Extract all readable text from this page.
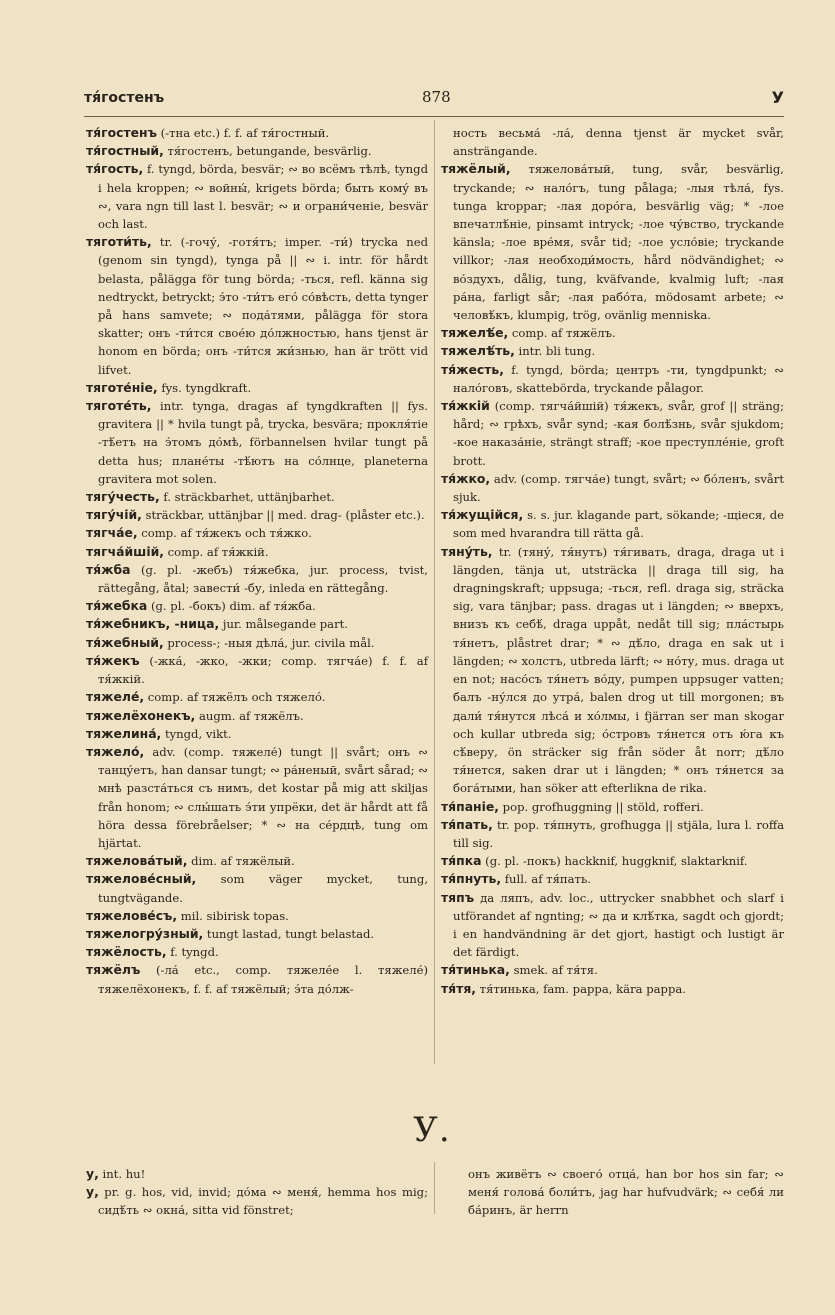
тя́гостенъ	878	У

тя́гостенъ (-тна etc.) f. f. af тя́гостный.

тя́гостный, тя́гостенъ, betungande, besvärlig.

тя́гость, f. tyngd, börda, besvär; ∾ во всёмъ тѣлѣ, tyngd i hela kroppen; ∾ войны́, krigets börda; быть кому́ въ ∾, vara ngn till last l. besvär; ∾ и ограни́ченіе, besvär och last.

тяготи́ть, tr. (-гочу́, -готя́тъ; imper. -ти́) trycka ned (genom sin tyngd), tynga på || ∾ i. intr. för hårdt belasta, pålägga för tung börda; -ться, refl. känna sig nedtryckt, betryckt; э́то -ти́тъ его́ со́вѣсть, detta tynger på hans samvete; ∾ пода́тями, pålägga för stora skatter; онъ -ти́тся свое́ю до́лжностью, hans tjenst är honom en börda; онъ -ти́тся жи́знью, han är trött vid lifvet.

тяготе́ніе, fys. tyngdkraft.

тяготе́ть, intr. tynga, dragas af tyngdkraften || fys. gravitera || * hvila tungt på, trycka, besvära; прокля́тіе -тѣ́етъ на э́томъ до́мѣ, förbannelsen hvilar tungt på detta hus; плане́ты -тѣ́ютъ на со́лнце, planeterna gravitera mot solen.

тягу́честь, f. sträckbarhet, uttänjbarhet.

тягу́чій, sträckbar, uttänjbar || med. drag- (plåster etc.).

тягча́е, comp. af тя́жекъ och тя́жко.

тягча́йшій, comp. af тя́жкій.

тя́жба (g. pl. -жебъ) тя́жебка, jur. process, tvist, rättegång, åtal; завести́ -бу, inleda en rättegång.

тя́жебка (g. pl. -бокъ) dim. af тя́жба.

тя́жебникъ, -ница, jur. målsegande part.

тя́жебный, process-; -ныя дѣла́, jur. civila mål.

тя́жекъ (-жка́, -жко, -жки; comp. тягча́е) f. f. af тя́жкій.

тяжеле́, comp. af тяжёлъ och тяжело́.

тяжелёхонекъ, augm. af тяжёлъ.

тяжелина́, tyngd, vikt.

тяжело́, adv. (comp. тяжеле́) tungt || svårt; онъ ∾ танцу́етъ, han dansar tungt; ∾ ра́неный, svårt sårad; ∾ мнѣ разста́ться съ нимъ, det kostar på mig att skiljas från honom; ∾ слы́шать э́ти упрёки, det är hårdt att få höra dessa förebråelser; * ∾ на се́рдцѣ, tung om hjärtat.

тяжелова́тый, dim. af тяжёлый.

тяжелове́сный, som väger mycket, tung, tungtvägande.

тяжелове́съ, mil. sibirisk topas.

тяжелогру́зный, tungt lastad, tungt belastad.

тяжёлость, f. tyngd.

тяжёлъ (-ла́ etc., comp. тяжеле́е l. тяжеле́) тяжелёхонекъ, f. f. af тяжёлый; э́та до́лж-

ность весьма́ -ла́, denna tjenst är mycket svår, ansträngande.

тяжёлый, тяжелова́тый, tung, svår, besvärlig, tryckande; ∾ нало́гъ, tung pålaga; -лыя тѣла́, fys. tunga kroppar; -лая доро́га, besvärlig väg; * -лое впечатлѣ́ніе, pinsamt intryck; -лое чу́вство, tryckande känsla; -лое вре́мя, svår tid; -лое усло́віе; tryckande villkor; -лая необходи́мость, hård nödvändighet; ∾ во́здухъ, dålig, tung, kväfvande, kvalmig luft; -лая ра́на, farligt sår; -лая рабо́та, mödosamt arbete; ∾ человѣ́къ, klumpig, trög, ovänlig menniska.

тяжелѣ́е, comp. af тяжёлъ.

тяжелѣ́ть, intr. bli tung.

тя́жесть, f. tyngd, börda; центръ -ти, tyngdpunkt; ∾ нало́говъ, skattebörda, tryckande pålagor.

тя́жкій (comp. тягча́йшій) тя́жекъ, svår, grof || sträng; hård; ∾ грѣхъ, svår synd; -кая болѣ́знь, svår sjukdom; -кое наказа́ніе, strängt straff; -кое преступле́ніе, groft brott.

тя́жко, adv. (comp. тягча́е) tungt, svårt; ∾ бо́ленъ, svårt sjuk.

тя́жущійся, s. s. jur. klagande part, sökande; -щіеся, de som med hvarandra till rätta gå.

тяну́ть, tr. (тяну́, тя́нутъ) тя́гивать, draga, draga ut i längden, tänja ut, utsträcka || draga till sig, ha dragningskraft; uppsuga; -ться, refl. draga sig, sträcka sig, vara tänjbar; pass. dragas ut i längden; ∾ вверхъ, внизъ къ себѣ́, draga uppåt, nedåt till sig; пла́стырь тя́нетъ, plåstret drar; * ∾ дѣ́ло, draga en sak ut i längden; ∾ холстъ, utbreda lärft; ∾ но́ту, mus. draga ut en not; насо́съ тя́нетъ во́ду, pumpen uppsuger vatten; балъ -ну́лся до утра́, balen drog ut till morgonen; въ дали́ тя́нутся лѣса́ и хо́лмы, i fjärran ser man skogar och kullar utbreda sig; о́стровъ тя́нется отъ ю́га къ сѣ́веру, ön sträcker sig från söder åt norr; дѣ́ло тя́нется, saken drar ut i längden; * онъ тя́нется за бога́тыми, han söker att efterlikna de rika.

тя́паніе, pop. grofhuggning || stöld, rofferi.

тя́пать, tr. pop. тя́пнуть, grofhugga || stjäla, lura l. roffa till sig.

тя́пка (g. pl. -покъ) hackknif, huggknif, slaktarknif.

тя́пнуть, full. af тя́пать.

тяпъ да ляпъ, adv. loc., uttrycker snabbhet och slarf i utförandet af ngnting; ∾ да и клѣ́тка, sagdt och gjordt; i en handvändning är det gjort, hastigt och lustigt är det färdigt.

тя́тинька, smek. af тя́тя.

тя́тя, тя́тинька, fam. pappa, kära pappa.

У.

у, int. hu!

у, pr. g. hos, vid, invid; до́ма ∾ меня́, hemma hos mig; сидѣ́ть ∾ окна́, sitta vid fönstret;

онъ живётъ ∾ своего́ отца́, han bor hos sin far; ∾ меня́ голова́ боли́тъ, jag har hufvudvärk; ∾ себя́ ли ба́ринъ, är herrn
